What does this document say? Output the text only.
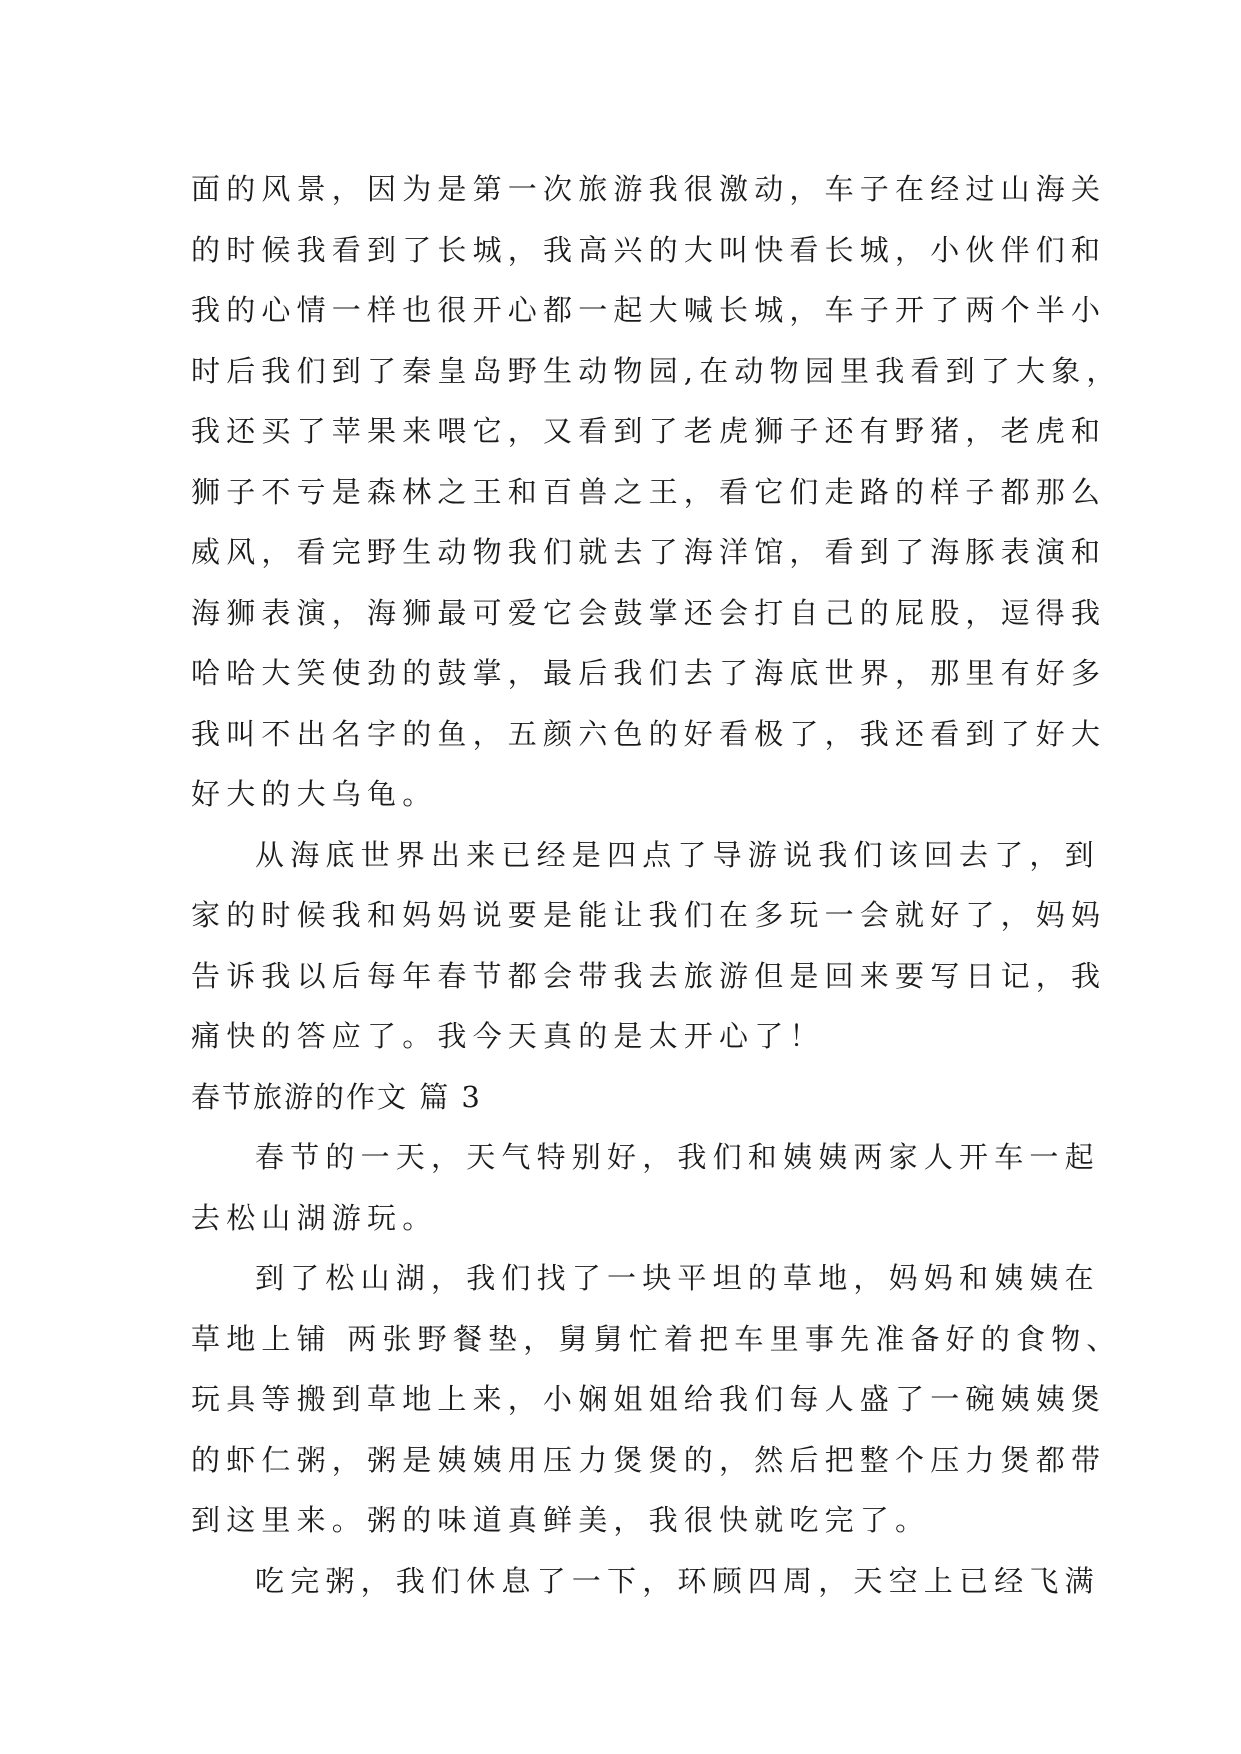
面的风景，因为是第一次旅游我很激动，车子在经过山海关
的时候我看到了长城，我高兴的大叫快看长城，小伙伴们和
我的心情一样也很开心都一起大喊长城，车子开了两个半小
时后我们到了秦皇岛野生动物园,在动物园里我看到了大象，
我还买了苹果来喂它，又看到了老虎狮子还有野猪，老虎和
狮子不亏是森林之王和百兽之王，看它们走路的样子都那么
威风，看完野生动物我们就去了海洋馆，看到了海豚表演和
海狮表演，海狮最可爱它会鼓掌还会打自己的屁股，逗得我
哈哈大笑使劲的鼓掌，最后我们去了海底世界，那里有好多
我叫不出名字的鱼，五颜六色的好看极了，我还看到了好大
好大的大乌龟。
从海底世界出来已经是四点了导游说我们该回去了，到
家的时候我和妈妈说要是能让我们在多玩一会就好了，妈妈
告诉我以后每年春节都会带我去旅游但是回来要写日记，我
痛快的答应了。我今天真的是太开心了！
春节旅游的作文 篇 3
春节的一天，天气特别好，我们和姨姨两家人开车一起
去松山湖游玩。
到了松山湖，我们找了一块平坦的草地，妈妈和姨姨在
草地上铺 两张野餐垫，舅舅忙着把车里事先准备好的食物、
玩具等搬到草地上来，小娴姐姐给我们每人盛了一碗姨姨煲
的虾仁粥，粥是姨姨用压力煲煲的，然后把整个压力煲都带
到这里来。粥的味道真鲜美，我很快就吃完了。
吃完粥，我们休息了一下，环顾四周，天空上已经飞满
